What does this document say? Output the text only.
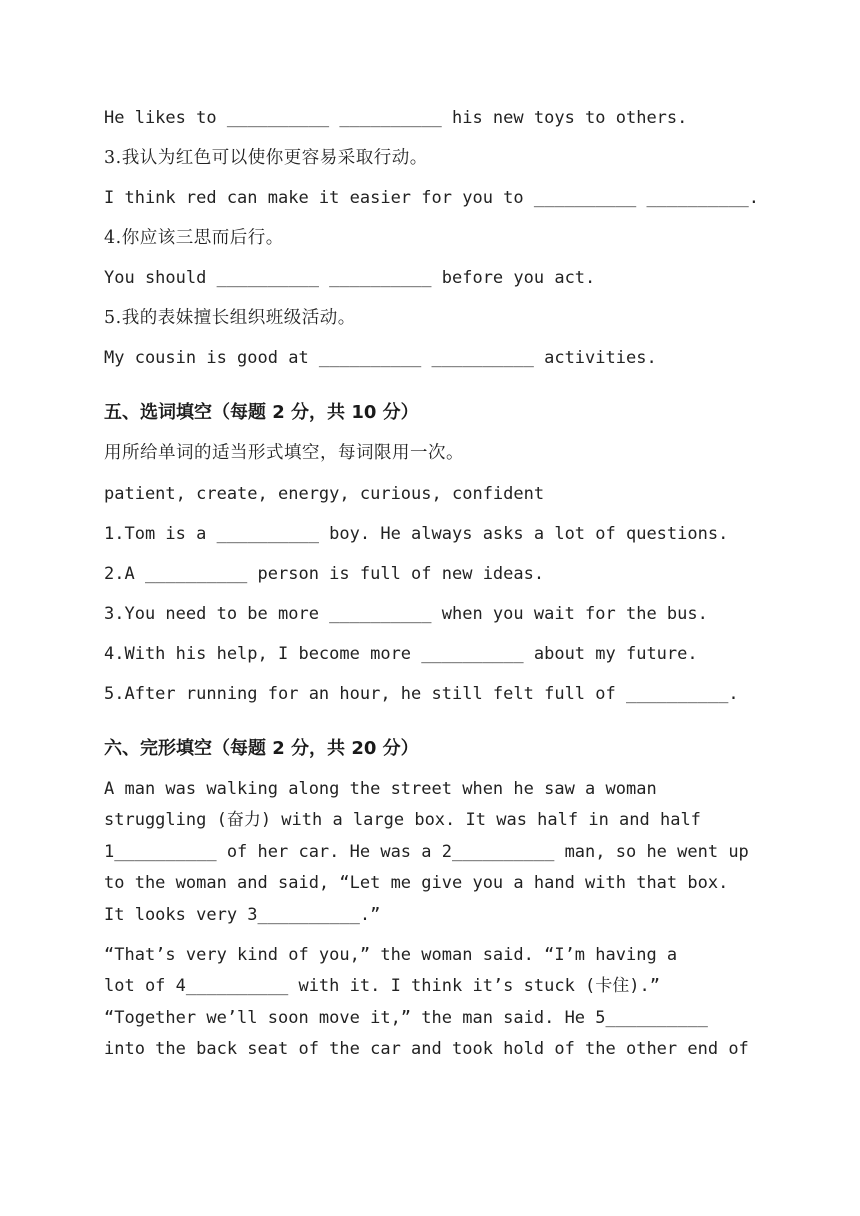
He likes to __________ __________ his new toys to others.
3.我认为红色可以使你更容易采取行动。
I think red can make it easier for you to __________ __________.
4.你应该三思而后行。
You should __________ __________ before you act.
5.我的表妹擅长组织班级活动。
My cousin is good at __________ __________ activities.
五、选词填空（每题 2 分，共 10 分）
用所给单词的适当形式填空，每词限用一次。
patient, create, energy, curious, confident
1.Tom is a __________ boy. He always asks a lot of questions.
2.A __________ person is full of new ideas.
3.You need to be more __________ when you wait for the bus.
4.With his help, I become more __________ about my future.
5.After running for an hour, he still felt full of __________.
六、完形填空（每题 2 分，共 20 分）
A man was walking along the street when he saw a woman
struggling (奋力) with a large box. It was half in and half
1__________ of her car. He was a 2__________ man, so he went up
to the woman and said, “Let me give you a hand with that box.
It looks very 3__________.”
“That’s very kind of you,” the woman said. “I’m having a
lot of 4__________ with it. I think it’s stuck (卡住).”
“Together we’ll soon move it,” the man said. He 5__________
into the back seat of the car and took hold of the other end of
